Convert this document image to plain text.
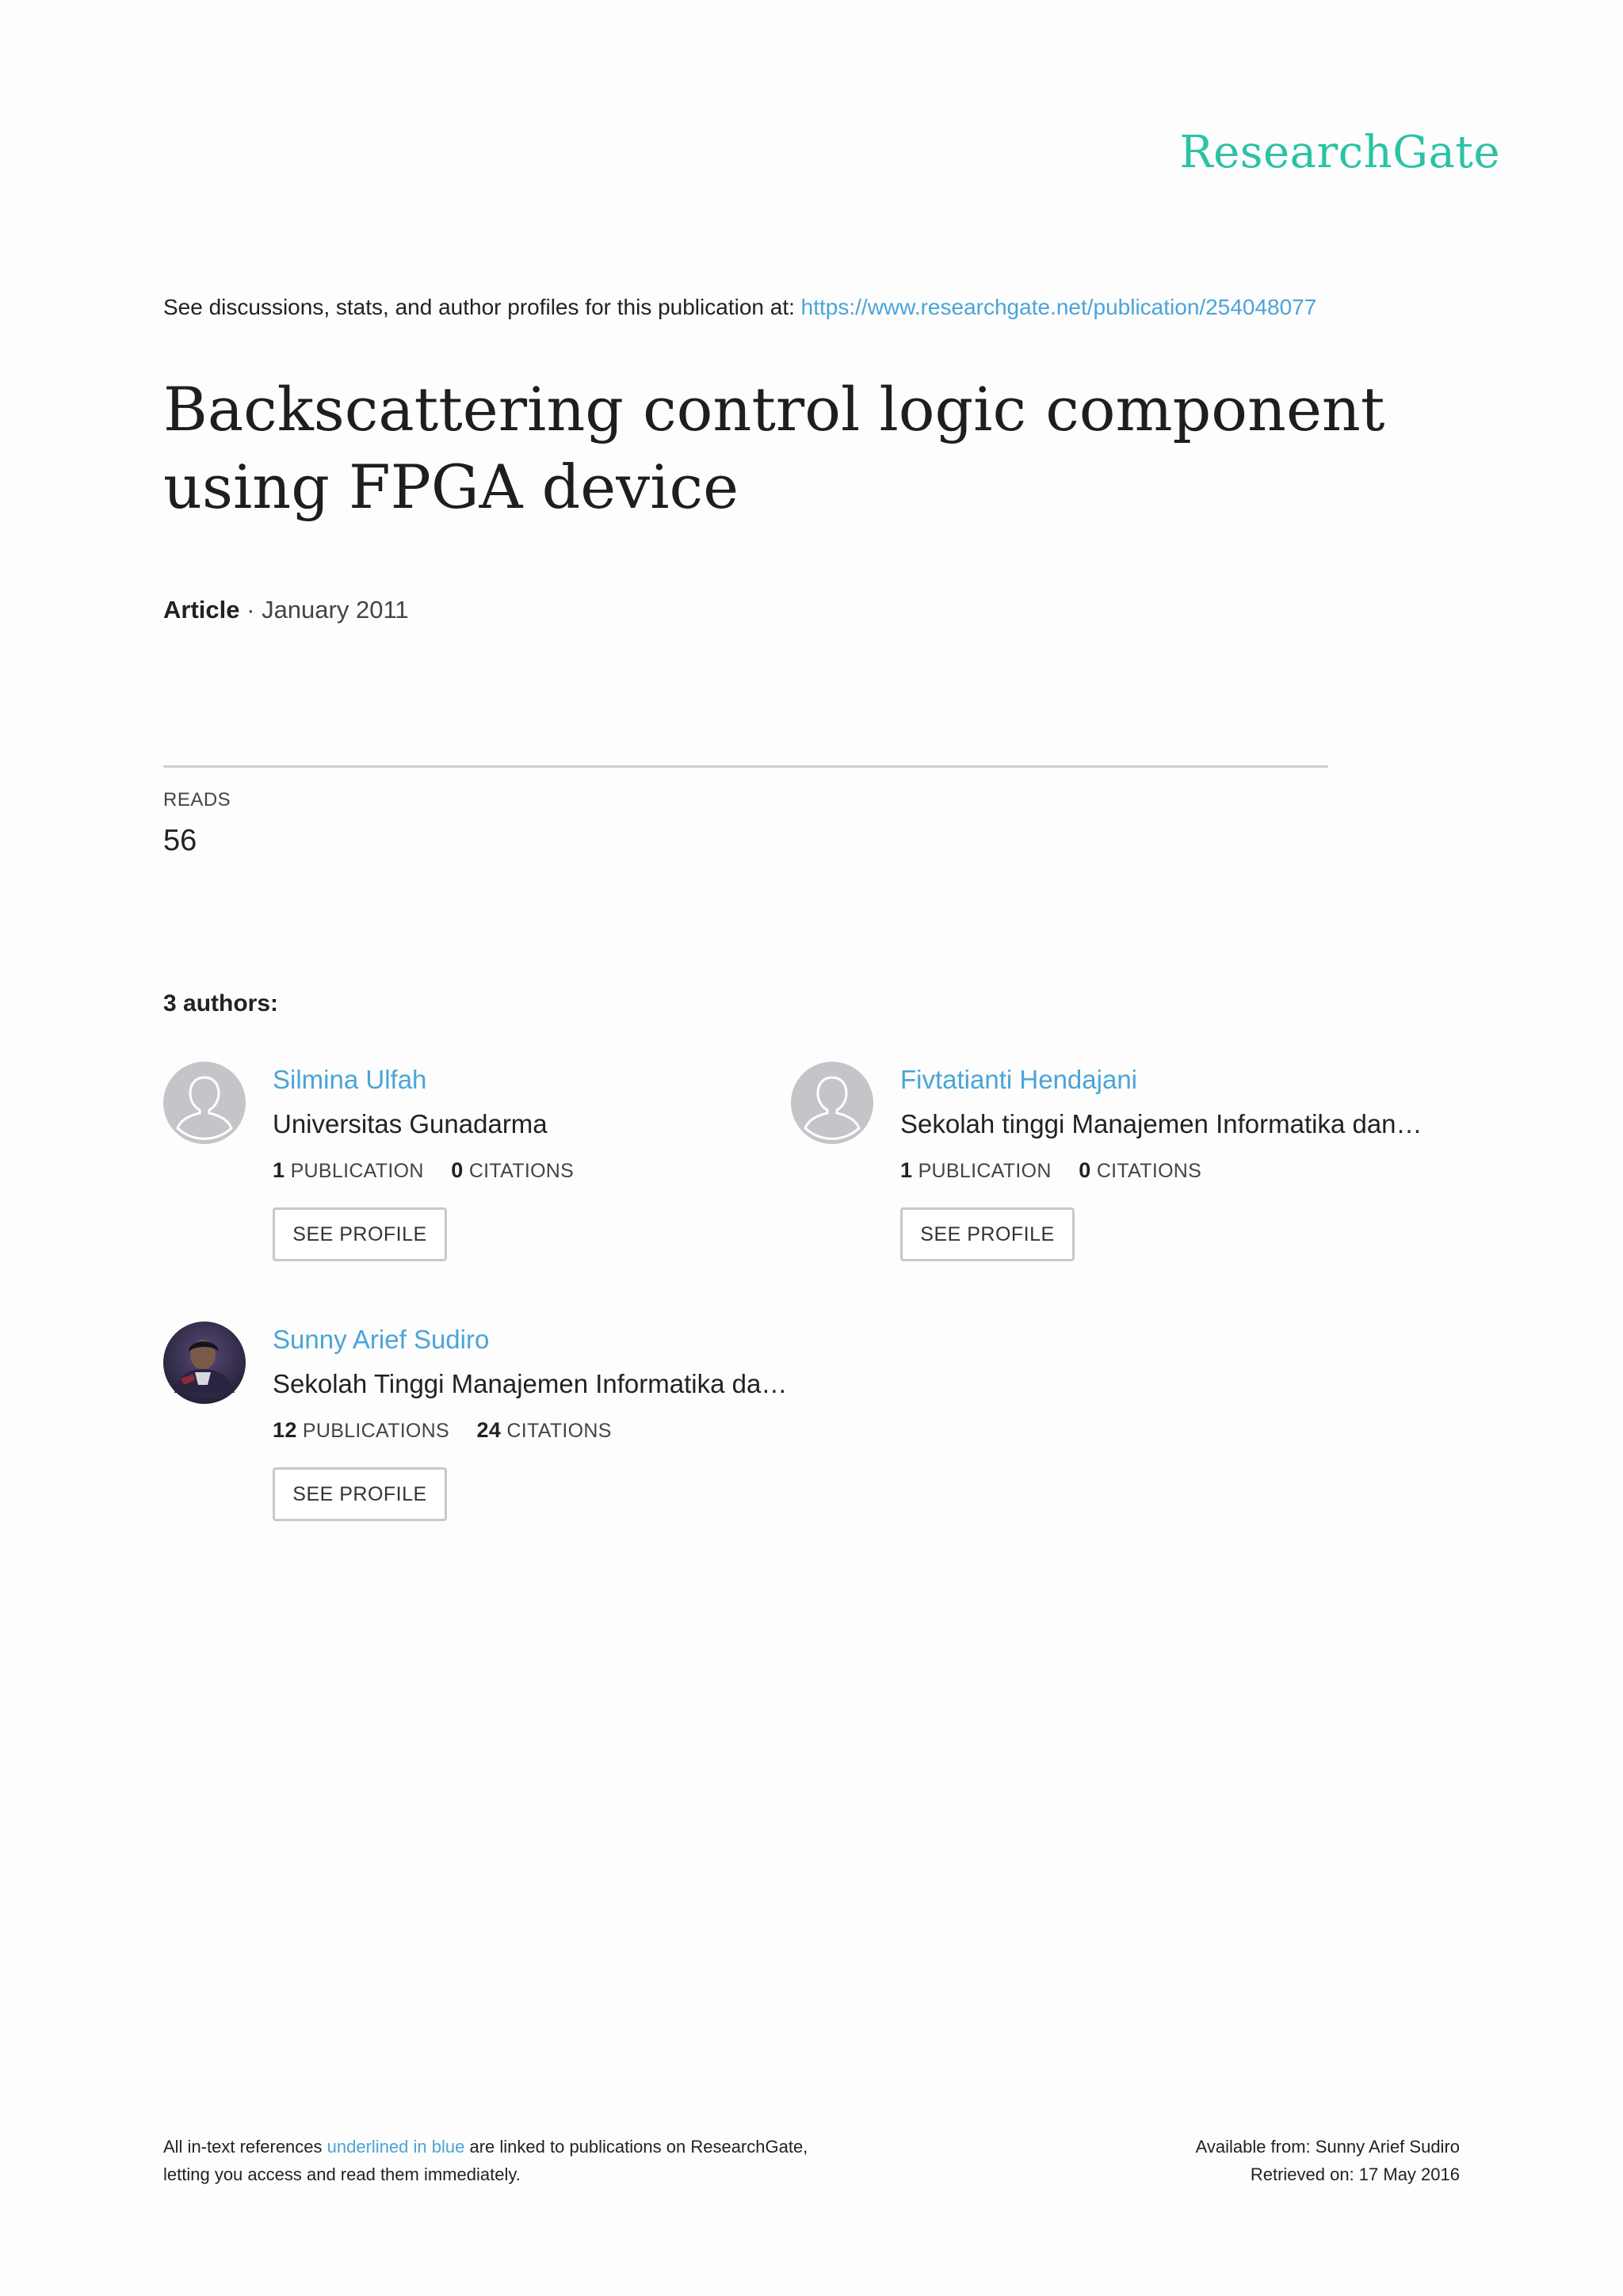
ResearchGate
See discussions, stats, and author profiles for this publication at: https://www.researchgate.net/publication/254048077
Backscattering control logic component using FPGA device
Article · January 2011
READS
56
3 authors:
Silmina Ulfah
Universitas Gunadarma
1 PUBLICATION 0 CITATIONS
SEE PROFILE
Fivtatianti Hendajani
Sekolah tinggi Manajemen Informatika dan…
1 PUBLICATION 0 CITATIONS
SEE PROFILE
Sunny Arief Sudiro
Sekolah Tinggi Manajemen Informatika da…
12 PUBLICATIONS 24 CITATIONS
SEE PROFILE
All in-text references underlined in blue are linked to publications on ResearchGate,
letting you access and read them immediately.
Available from: Sunny Arief Sudiro
Retrieved on: 17 May 2016
